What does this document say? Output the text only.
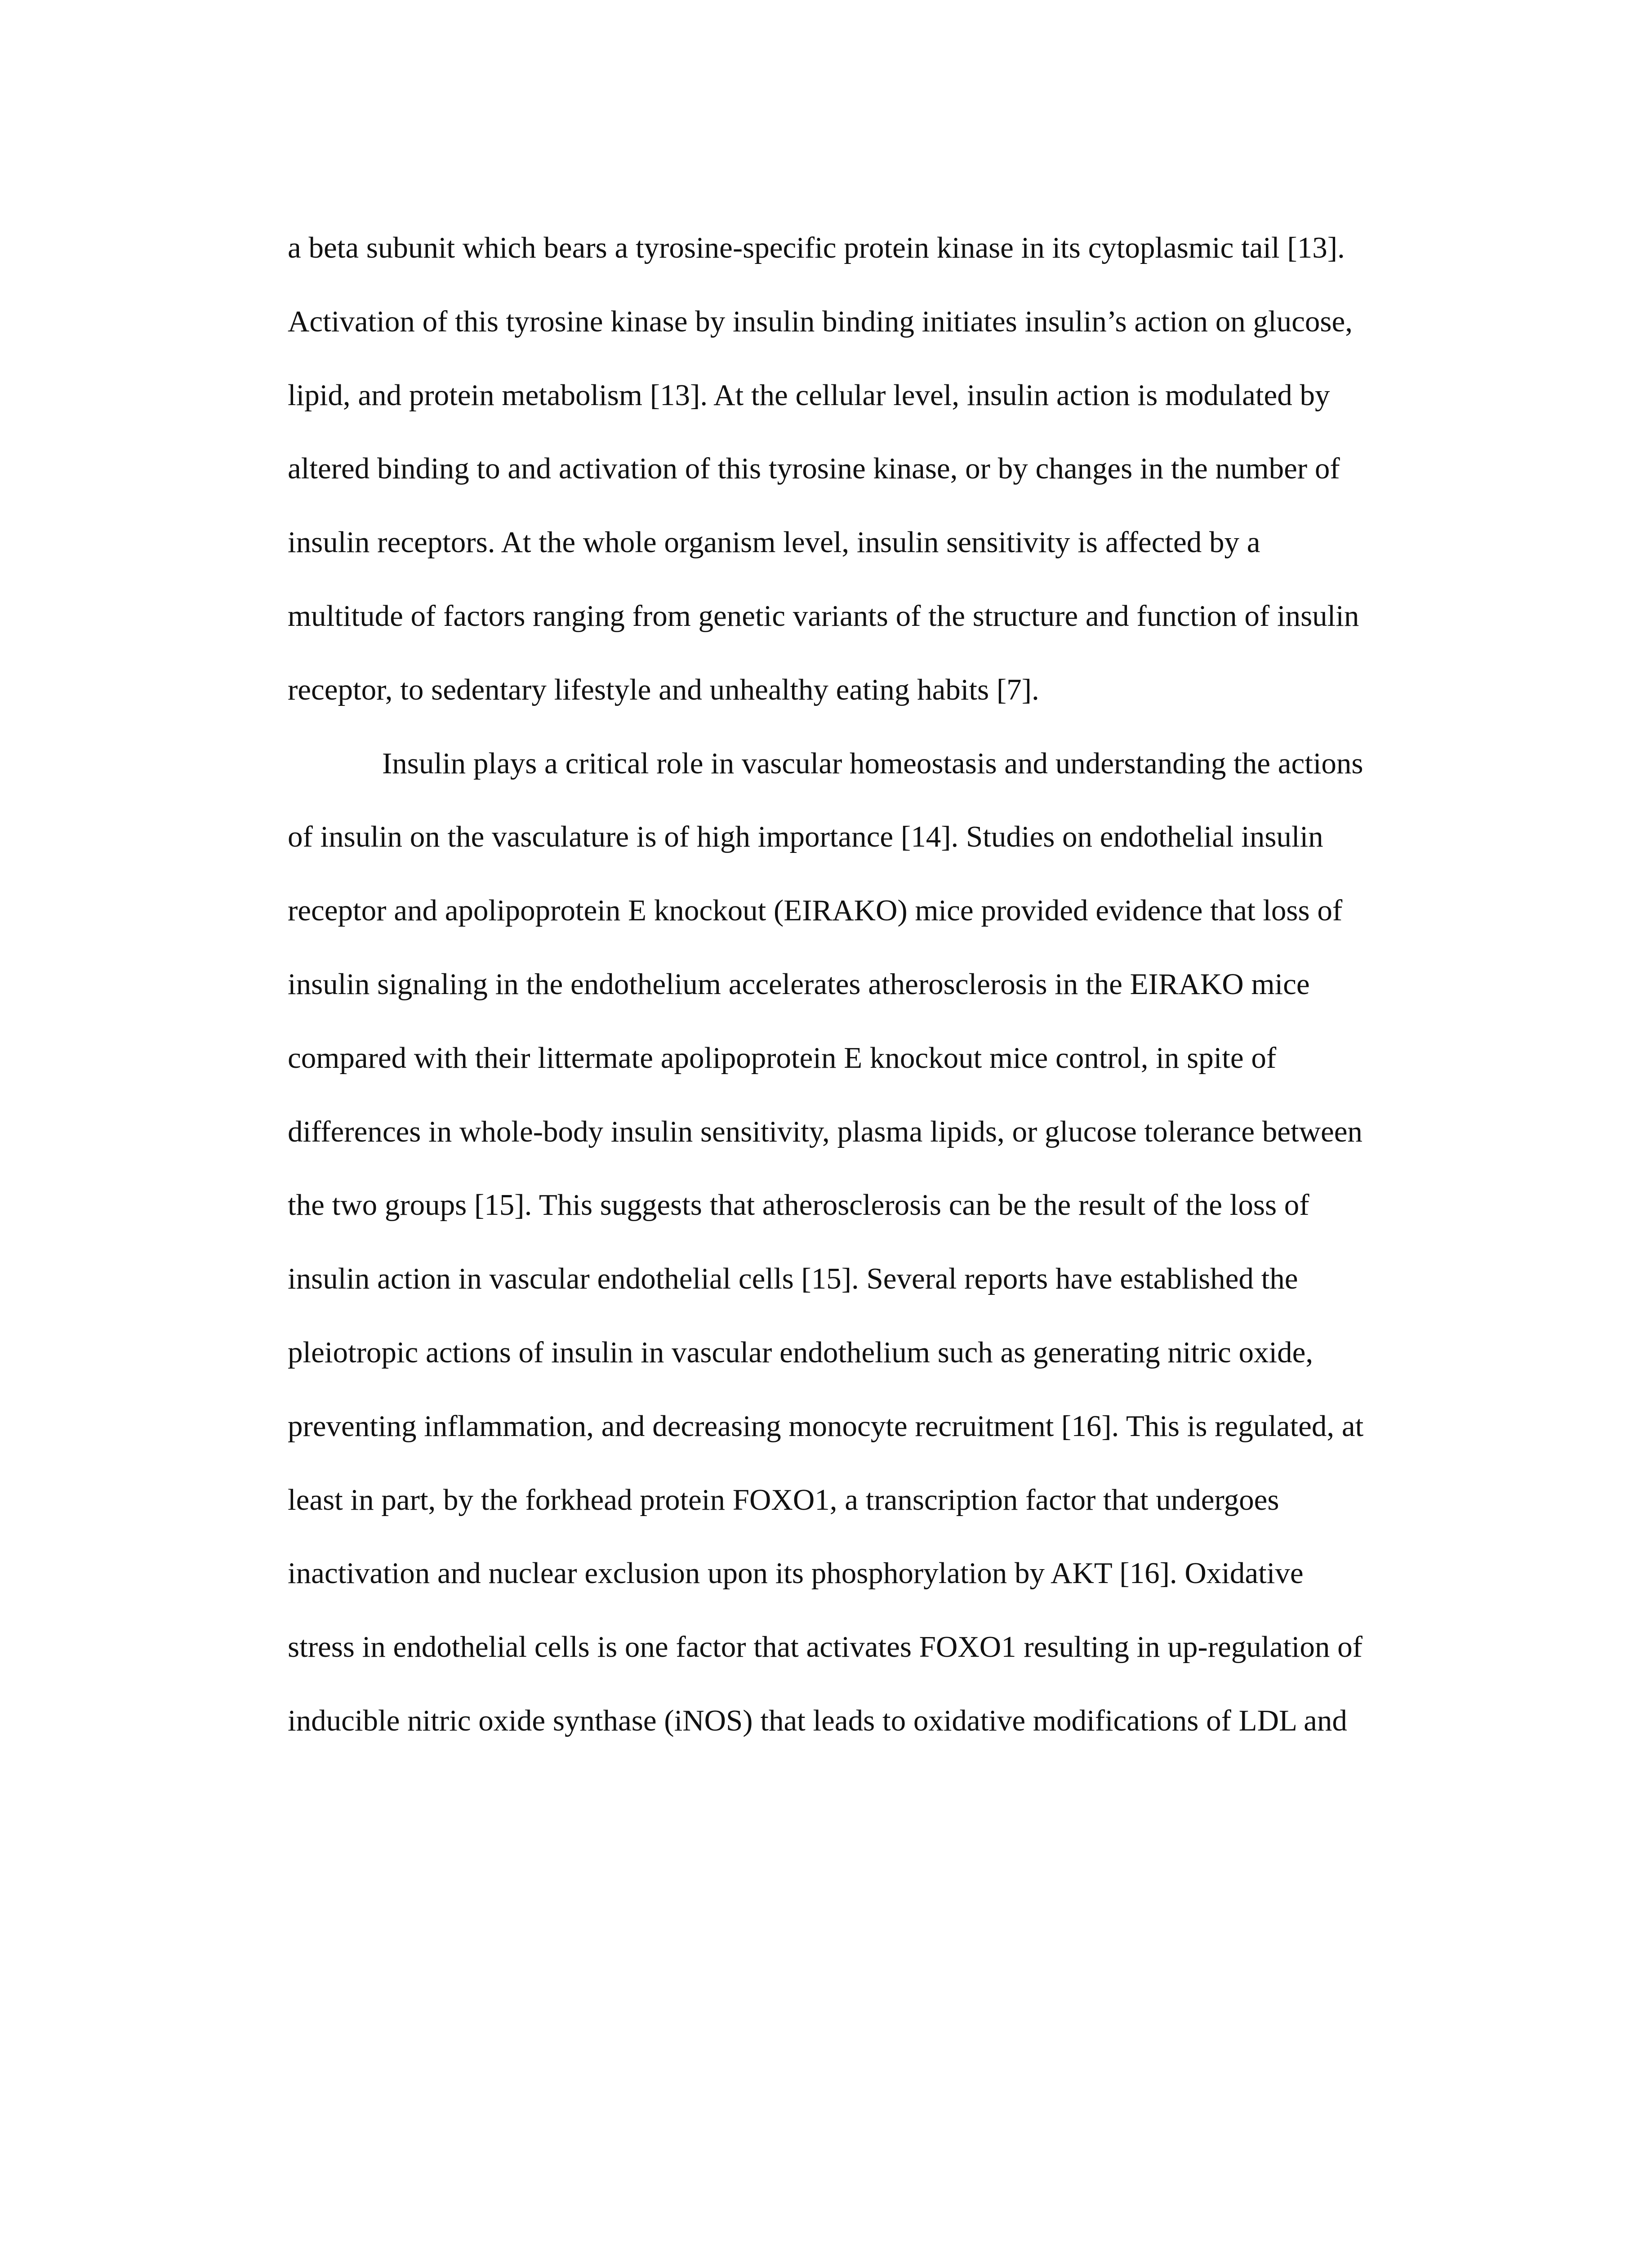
a beta subunit which bears a tyrosine-specific protein kinase in its cytoplasmic tail [13].
Activation of this tyrosine kinase by insulin binding initiates insulin’s action on glucose,
lipid, and protein metabolism [13]. At the cellular level, insulin action is modulated by
altered binding to and activation of this tyrosine kinase, or by changes in the number of
insulin receptors. At the whole organism level, insulin sensitivity is affected by a
multitude of factors ranging from genetic variants of the structure and function of insulin
receptor, to sedentary lifestyle and unhealthy eating habits [7].
Insulin plays a critical role in vascular homeostasis and understanding the actions
of insulin on the vasculature is of high importance [14]. Studies on endothelial insulin
receptor and apolipoprotein E knockout (EIRAKO) mice provided evidence that loss of
insulin signaling in the endothelium accelerates atherosclerosis in the EIRAKO mice
compared with their littermate apolipoprotein E knockout mice control, in spite of
differences in whole-body insulin sensitivity, plasma lipids, or glucose tolerance between
the two groups [15]. This suggests that atherosclerosis can be the result of the loss of
insulin action in vascular endothelial cells [15]. Several reports have established the
pleiotropic actions of insulin in vascular endothelium such as generating nitric oxide,
preventing inflammation, and decreasing monocyte recruitment [16]. This is regulated, at
least in part, by the forkhead protein FOXO1, a transcription factor that undergoes
inactivation and nuclear exclusion upon its phosphorylation by AKT [16]. Oxidative
stress in endothelial cells is one factor that activates FOXO1 resulting in up-regulation of
inducible nitric oxide synthase (iNOS) that leads to oxidative modifications of LDL and
